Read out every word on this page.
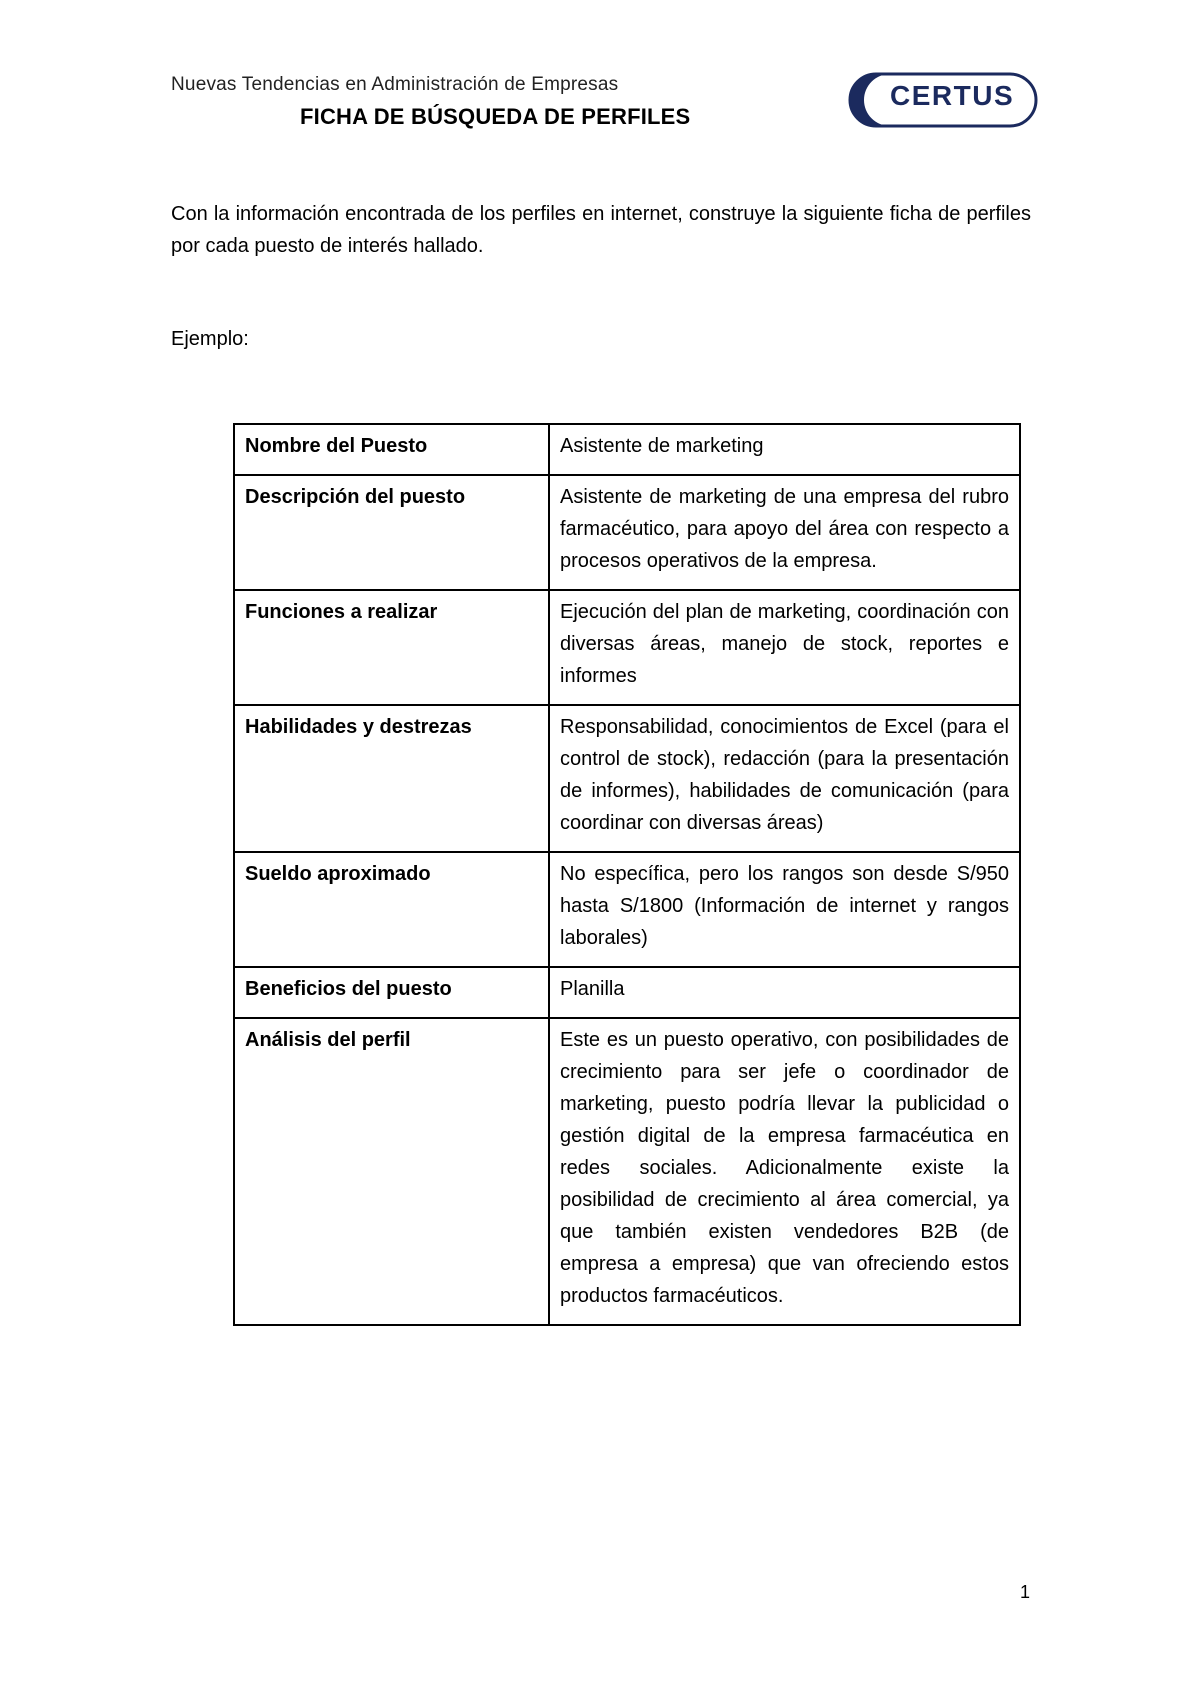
Nuevas Tendencias en Administración de Empresas
FICHA DE BÚSQUEDA DE PERFILES
CERTUS
Con la información encontrada de los perfiles en internet, construye la siguiente ficha de perfiles por cada puesto de interés hallado.
Ejemplo:
Nombre del Puesto	Asistente de marketing
Descripción del puesto	Asistente de marketing de una empresa del rubro farmacéutico, para apoyo del área con respecto a procesos operativos de la empresa.
Funciones a realizar	Ejecución del plan de marketing, coordinación con diversas áreas, manejo de stock, reportes e informes
Habilidades y destrezas	Responsabilidad, conocimientos de Excel (para el control de stock), redacción (para la presentación de informes), habilidades de comunicación (para coordinar con diversas áreas)
Sueldo aproximado	No específica, pero los rangos son desde S/950 hasta S/1800 (Información de internet y rangos laborales)
Beneficios del puesto	Planilla
Análisis del perfil	Este es un puesto operativo, con posibilidades de crecimiento para ser jefe o coordinador de marketing, puesto podría llevar la publicidad o gestión digital de la empresa farmacéutica en redes sociales. Adicionalmente existe la posibilidad de crecimiento al área comercial, ya que también existen vendedores B2B (de empresa a empresa) que van ofreciendo estos productos farmacéuticos.
1
